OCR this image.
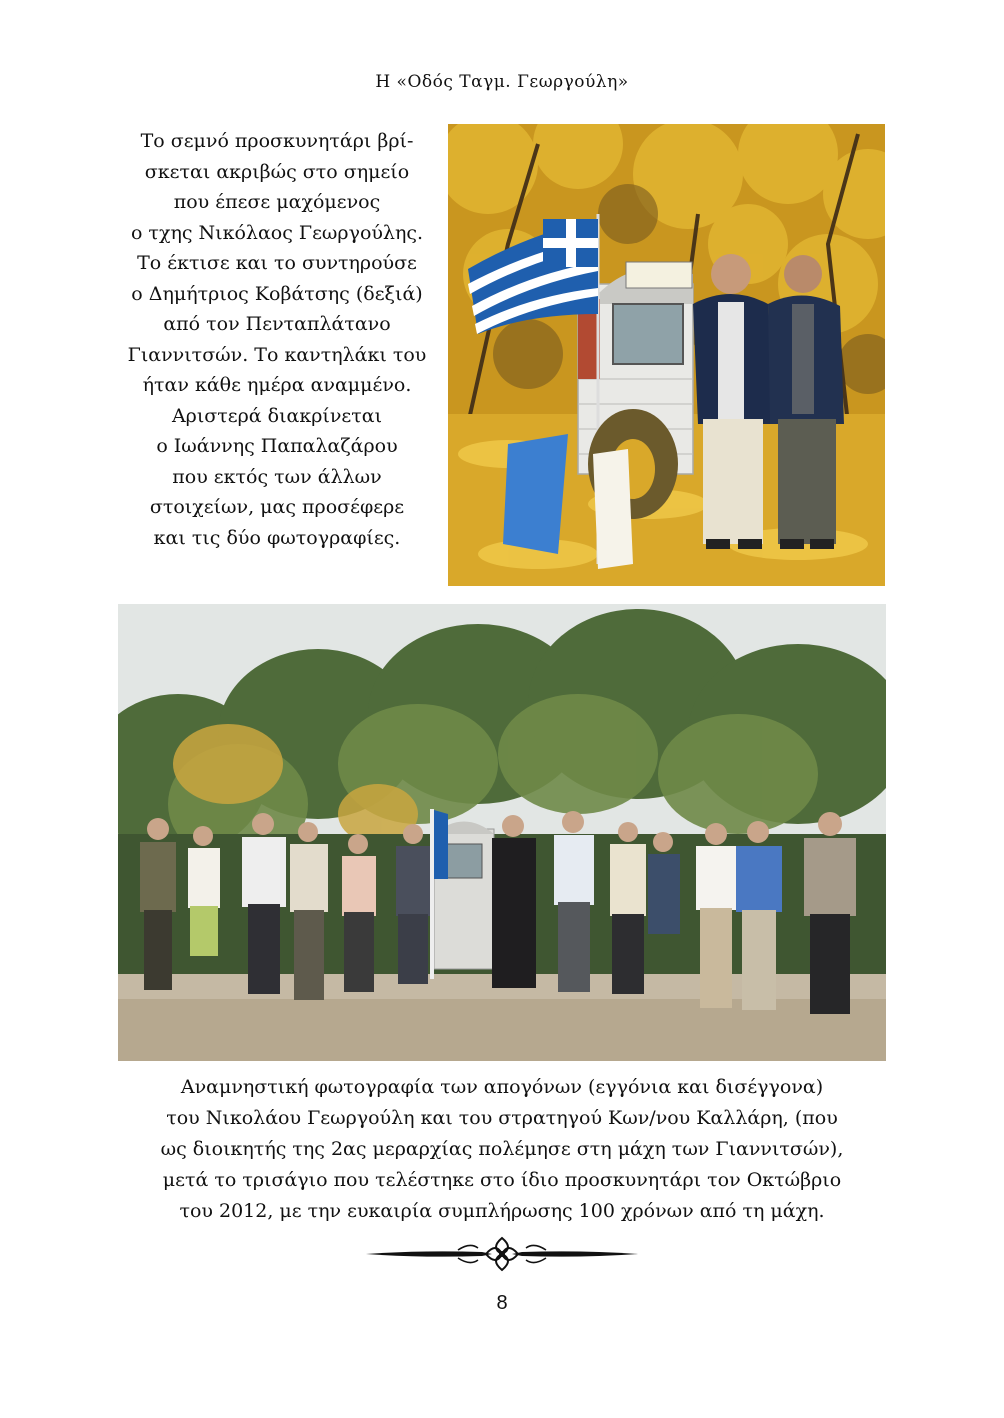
Η «Οδός Ταγμ. Γεωργούλη»
Το σεμνό προσκυνητάρι βρί-
σκεται ακριβώς στο σημείο
που έπεσε μαχόμενος
ο τχης Νικόλαος Γεωργούλης.
Το έκτισε και το συντηρούσε
ο Δημήτριος Κοβάτσης (δεξιά)
από τον Πενταπλάτανο
Γιαννιτσών. Το καντηλάκι του
ήταν κάθε ημέρα αναμμένο.
Αριστερά διακρίνεται
ο Ιωάννης Παπαλαζάρου
που εκτός των άλλων
στοιχείων, μας προσέφερε
και τις δύο φωτογραφίες.
Αναμνηστική φωτογραφία των απογόνων (εγγόνια και δισέγγονα)
του Νικολάου Γεωργούλη και του στρατηγού Κων/νου Καλλάρη, (που
ως διοικητής της 2ας μεραρχίας πολέμησε στη μάχη των Γιαννιτσών),
μετά το τρισάγιο που τελέστηκε στο ίδιο προσκυνητάρι τον Οκτώβριο
του 2012, με την ευκαιρία συμπλήρωσης 100 χρόνων από τη μάχη.
8
